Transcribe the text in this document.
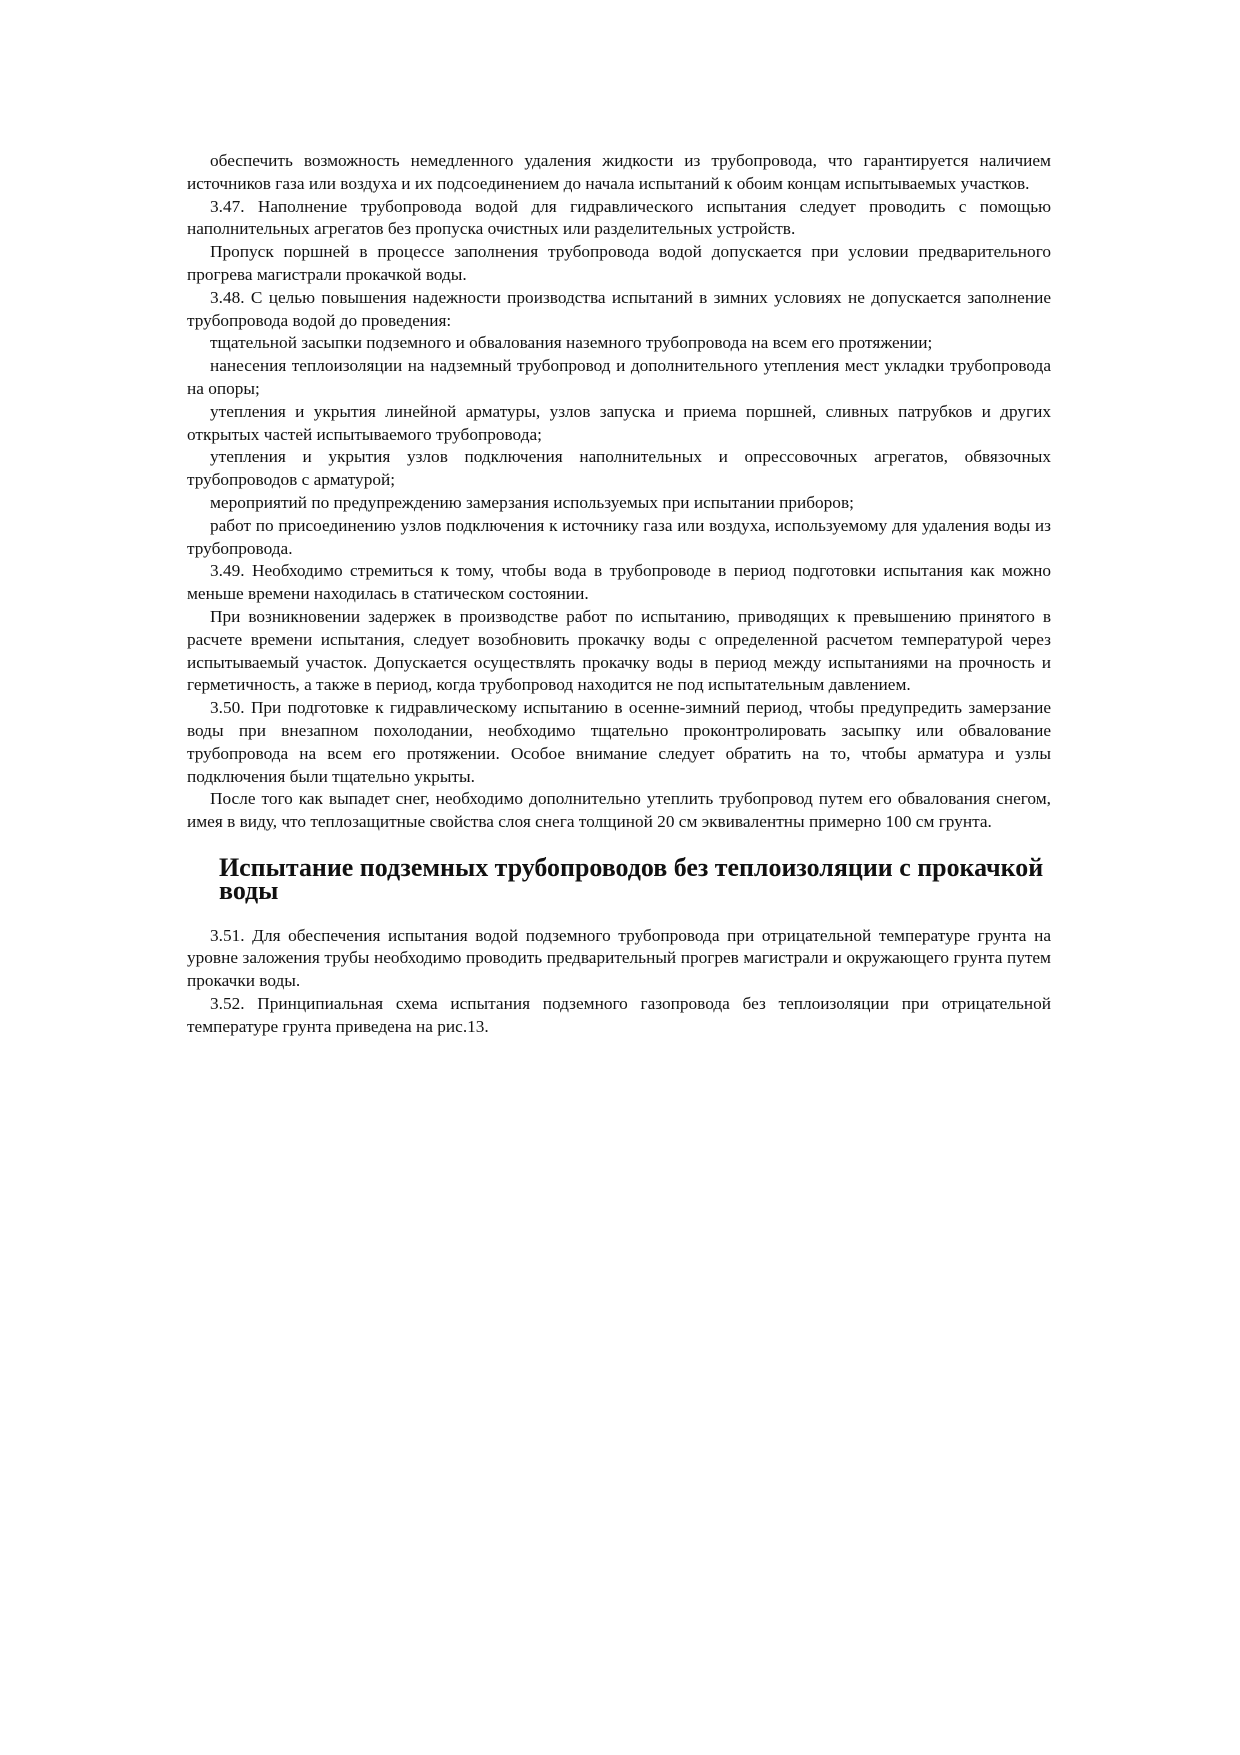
обеспечить возможность немедленного удаления жидкости из трубопровода, что гарантируется наличием источников газа или воздуха и их подсоединением до начала испытаний к обоим концам испытываемых участков.

3.47. Наполнение трубопровода водой для гидравлического испытания следует проводить с помощью наполнительных агрегатов без пропуска очистных или разделительных устройств.

Пропуск поршней в процессе заполнения трубопровода водой допускается при условии предварительного прогрева магистрали прокачкой воды.

3.48. С целью повышения надежности производства испытаний в зимних условиях не допускается заполнение трубопровода водой до проведения:

тщательной засыпки подземного и обвалования наземного трубопровода на всем его протяжении;

нанесения теплоизоляции на надземный трубопровод и дополнительного утепления мест укладки трубопровода на опоры;

утепления и укрытия линейной арматуры, узлов запуска и приема поршней, сливных патрубков и других открытых частей испытываемого трубопровода;

утепления и укрытия узлов подключения наполнительных и опрессовочных агрегатов, обвязочных трубопроводов с арматурой;

мероприятий по предупреждению замерзания используемых при испытании приборов;

работ по присоединению узлов подключения к источнику газа или воздуха, используемому для удаления воды из трубопровода.

3.49. Необходимо стремиться к тому, чтобы вода в трубопроводе в период подготовки испытания как можно меньше времени находилась в статическом состоянии.

При возникновении задержек в производстве работ по испытанию, приводящих к превышению принятого в расчете времени испытания, следует возобновить прокачку воды с определенной расчетом температурой через испытываемый участок. Допускается осуществлять прокачку воды в период между испытаниями на прочность и герметичность, а также в период, когда трубопровод находится не под испытательным давлением.

3.50. При подготовке к гидравлическому испытанию в осенне-зимний период, чтобы предупредить замерзание воды при внезапном похолодании, необходимо тщательно проконтролировать засыпку или обвалование трубопровода на всем его протяжении. Особое внимание следует обратить на то, чтобы арматура и узлы подключения были тщательно укрыты.

После того как выпадет снег, необходимо дополнительно утеплить трубопровод путем его обвалования снегом, имея в виду, что теплозащитные свойства слоя снега толщиной 20 см эквивалентны примерно 100 см грунта.

Испытание подземных трубопроводов без теплоизоляции с прокачкой воды

3.51. Для обеспечения испытания водой подземного трубопровода при отрицательной температуре грунта на уровне заложения трубы необходимо проводить предварительный прогрев магистрали и окружающего грунта путем прокачки воды.

3.52. Принципиальная схема испытания подземного газопровода без теплоизоляции при отрицательной температуре грунта приведена на рис.13.
